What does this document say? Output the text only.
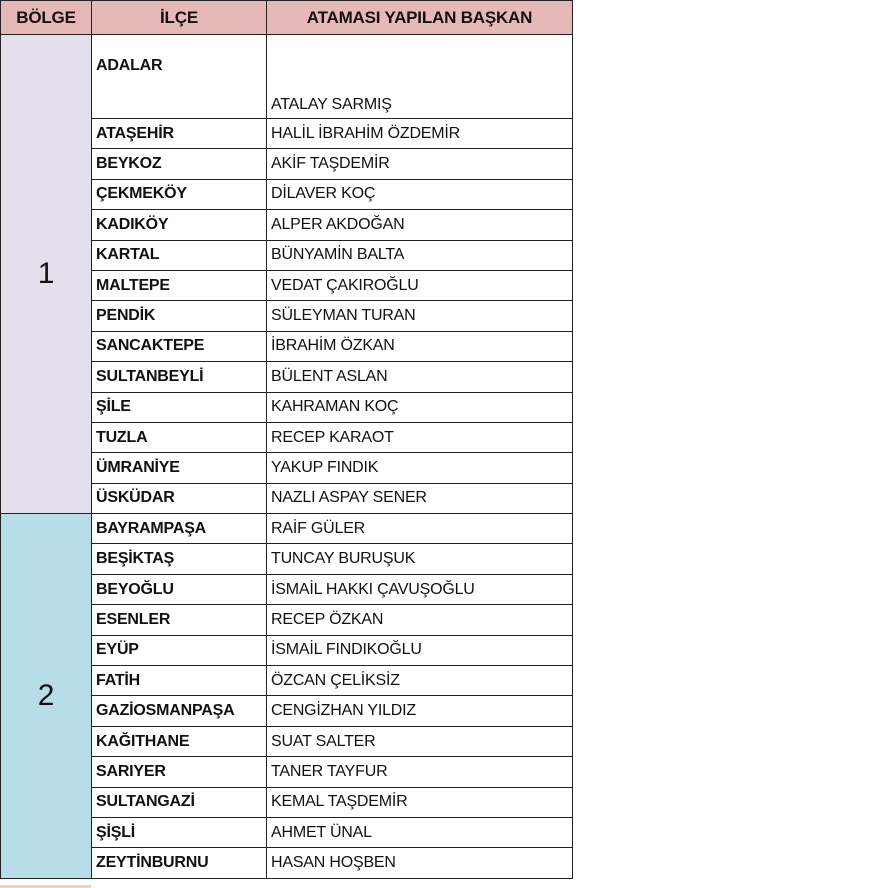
BÖLGE	İLÇE	ATAMASI YAPILAN BAŞKAN
1	ADALAR	ATALAY SARMIŞ
	ATAŞEHİR	HALİL İBRAHİM ÖZDEMİR
	BEYKOZ	AKİF TAŞDEMİR
	ÇEKMEKÖY	DİLAVER KOÇ
	KADIKÖY	ALPER AKDOĞAN
	KARTAL	BÜNYAMİN BALTA
	MALTEPE	VEDAT ÇAKIROĞLU
	PENDİK	SÜLEYMAN TURAN
	SANCAKTEPE	İBRAHİM ÖZKAN
	SULTANBEYLİ	BÜLENT ASLAN
	ŞİLE	KAHRAMAN KOÇ
	TUZLA	RECEP KARAOT
	ÜMRANİYE	YAKUP FINDIK
	ÜSKÜDAR	NAZLI ASPAY SENER
2	BAYRAMPAŞA	RAİF GÜLER
	BEŞİKTAŞ	TUNCAY BURUŞUK
	BEYOĞLU	İSMAİL HAKKI ÇAVUŞOĞLU
	ESENLER	RECEP ÖZKAN
	EYÜP	İSMAİL FINDIKOĞLU
	FATİH	ÖZCAN ÇELİKSİZ
	GAZİOSMANPAŞA	CENGİZHAN YILDIZ
	KAĞITHANE	SUAT SALTER
	SARIYER	TANER TAYFUR
	SULTANGAZİ	KEMAL TAŞDEMİR
	ŞİŞLİ	AHMET ÜNAL
	ZEYTİNBURNU	HASAN HOŞBEN
